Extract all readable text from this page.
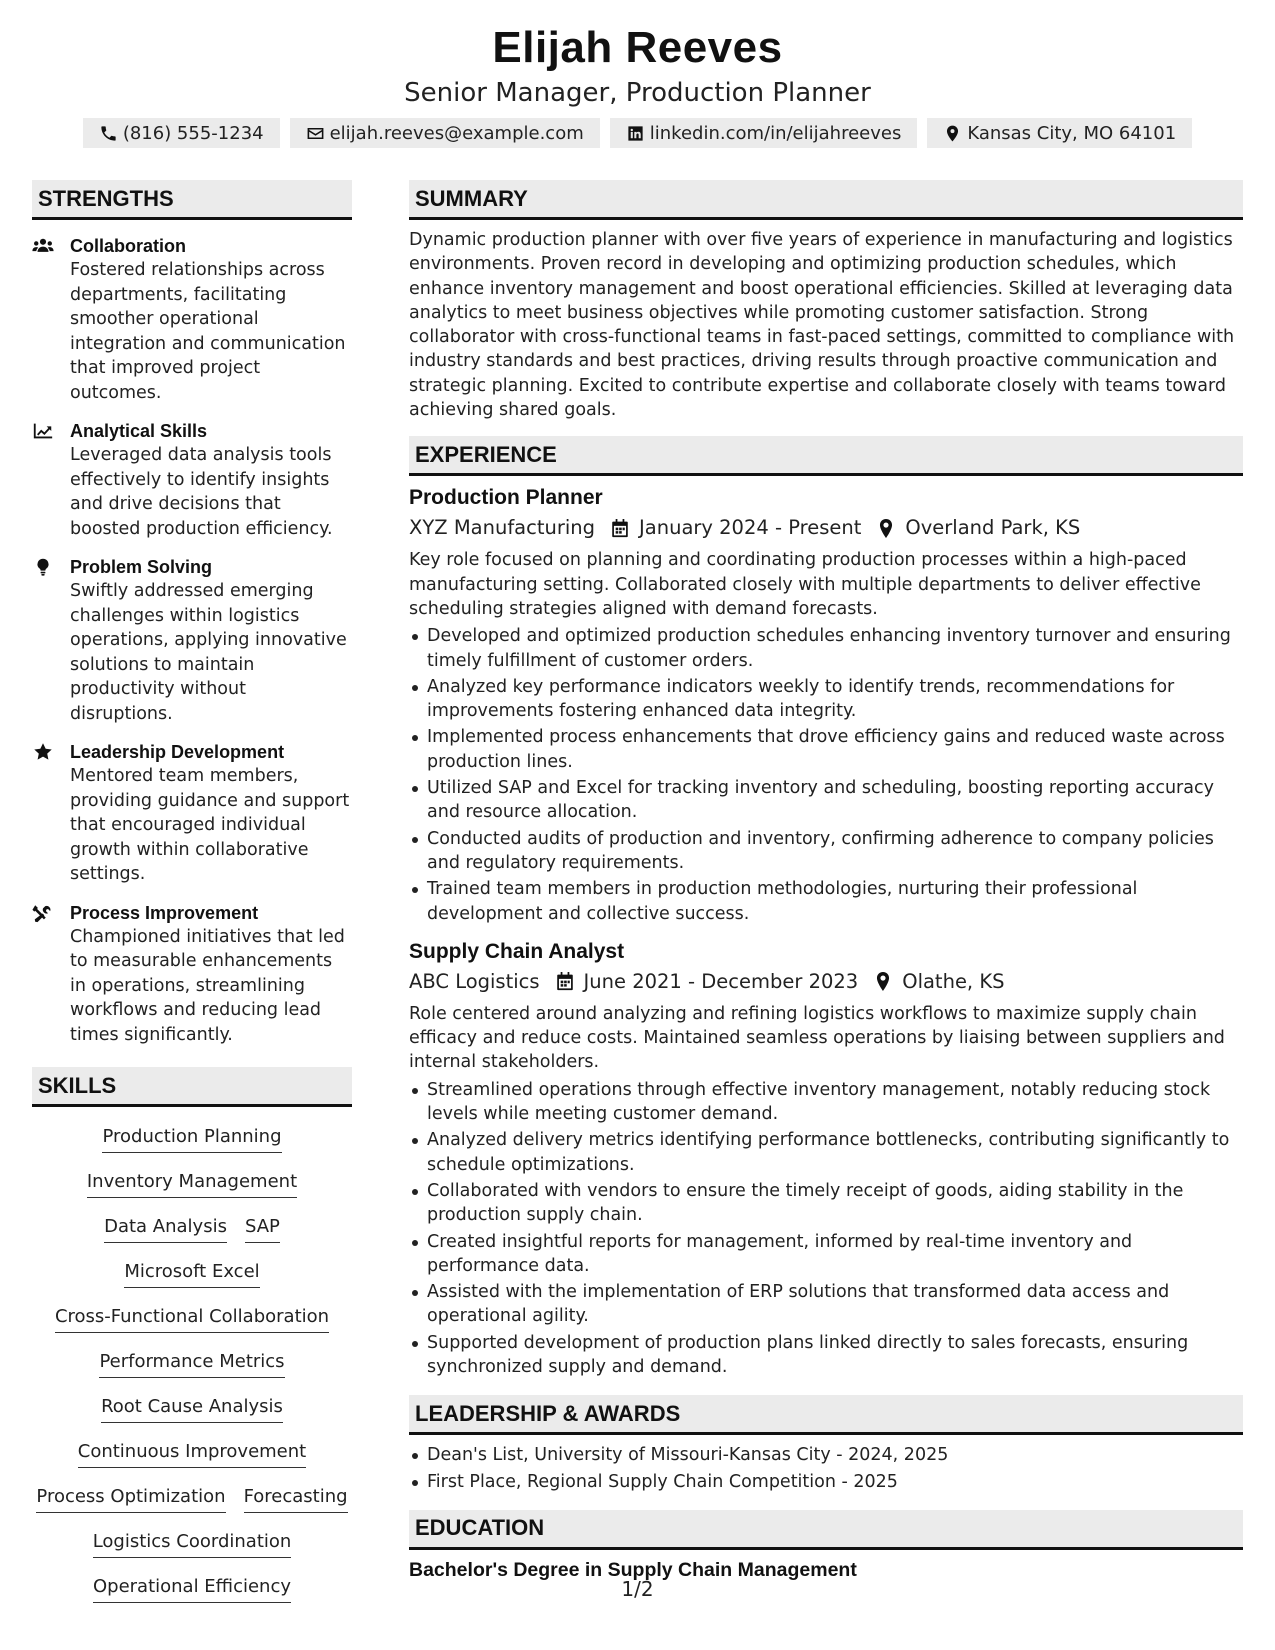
Elijah Reeves
Senior Manager, Production Planner
(816) 555-1234	elijah.reeves@example.com	linkedin.com/in/elijahreeves	Kansas City, MO 64101
STRENGTHS
Collaboration
Fostered relationships across departments, facilitating smoother operational integration and communication that improved project outcomes.
Analytical Skills
Leveraged data analysis tools effectively to identify insights and drive decisions that boosted production efficiency.
Problem Solving
Swiftly addressed emerging challenges within logistics operations, applying innovative solutions to maintain productivity without disruptions.
Leadership Development
Mentored team members, providing guidance and support that encouraged individual growth within collaborative settings.
Process Improvement
Championed initiatives that led to measurable enhancements in operations, streamlining workflows and reducing lead times significantly.
SKILLS
Production Planning
Inventory Management
Data Analysis SAP
Microsoft Excel
Cross-Functional Collaboration
Performance Metrics
Root Cause Analysis
Continuous Improvement
Process Optimization Forecasting
Logistics Coordination
Operational Efficiency
SUMMARY

Dynamic production planner with over five years of experience in manufacturing and logistics environments. Proven record in developing and optimizing production schedules, which enhance inventory management and boost operational efficiencies. Skilled at leveraging data analytics to meet business objectives while promoting customer satisfaction. Strong collaborator with cross-functional teams in fast-paced settings, committed to compliance with industry standards and best practices, driving results through proactive communication and strategic planning. Excited to contribute expertise and collaborate closely with teams toward achieving shared goals.

EXPERIENCE
Production Planner
XYZ Manufacturing January 2024 - Present Overland Park, KS

Key role focused on planning and coordinating production processes within a high-paced manufacturing setting. Collaborated closely with multiple departments to deliver effective scheduling strategies aligned with demand forecasts.

Developed and optimized production schedules enhancing inventory turnover and ensuring timely fulfillment of customer orders.
Analyzed key performance indicators weekly to identify trends, recommendations for improvements fostering enhanced data integrity.
Implemented process enhancements that drove efficiency gains and reduced waste across production lines.
Utilized SAP and Excel for tracking inventory and scheduling, boosting reporting accuracy and resource allocation.
Conducted audits of production and inventory, confirming adherence to company policies and regulatory requirements.
Trained team members in production methodologies, nurturing their professional development and collective success.
Supply Chain Analyst
ABC Logistics June 2021 - December 2023 Olathe, KS

Role centered around analyzing and refining logistics workflows to maximize supply chain efficacy and reduce costs. Maintained seamless operations by liaising between suppliers and internal stakeholders.

Streamlined operations through effective inventory management, notably reducing stock levels while meeting customer demand.
Analyzed delivery metrics identifying performance bottlenecks, contributing significantly to schedule optimizations.
Collaborated with vendors to ensure the timely receipt of goods, aiding stability in the production supply chain.
Created insightful reports for management, informed by real-time inventory and performance data.
Assisted with the implementation of ERP solutions that transformed data access and operational agility.
Supported development of production plans linked directly to sales forecasts, ensuring synchronized supply and demand.
LEADERSHIP & AWARDS
Dean's List, University of Missouri-Kansas City - 2024, 2025
First Place, Regional Supply Chain Competition - 2025
EDUCATION
Bachelor's Degree in Supply Chain Management
1/2
